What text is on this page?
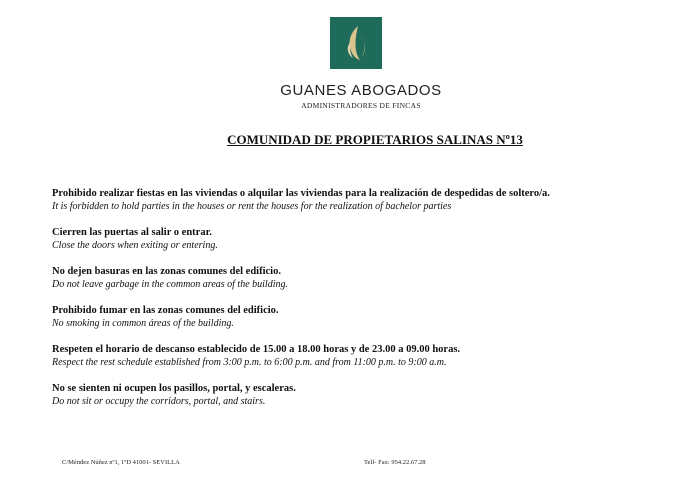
GUANES ABOGADOS
ADMINISTRADORES DE FINCAS
COMUNIDAD DE PROPIETARIOS SALINAS Nº13
Prohibido realizar fiestas en las viviendas o alquilar las viviendas para la realización de despedidas de soltero/a.
It is forbidden to hold parties in the houses or rent the houses for the realization of bachelor parties
Cierren las puertas al salir o entrar.
Close the doors when exiting or entering.
No dejen basuras en las zonas comunes del edificio.
Do not leave garbage in the common areas of the building.
Prohibido fumar en las zonas comunes del edificio.
No smoking in common áreas of the building.
Respeten el horario de descanso establecido de 15.00 a 18.00 horas y de 23.00 a 09.00 horas.
Respect the rest schedule established from 3:00 p.m. to 6:00 p.m. and from 11:00 p.m. to 9:00 a.m.
No se sienten ni ocupen los pasillos, portal, y escaleras.
Do not sit or occupy the corridors, portal, and stairs.
C/Méndez Núñez nº1, 1ºD 41001- SEVILLA	Telf- Fax: 954.22.67.28
